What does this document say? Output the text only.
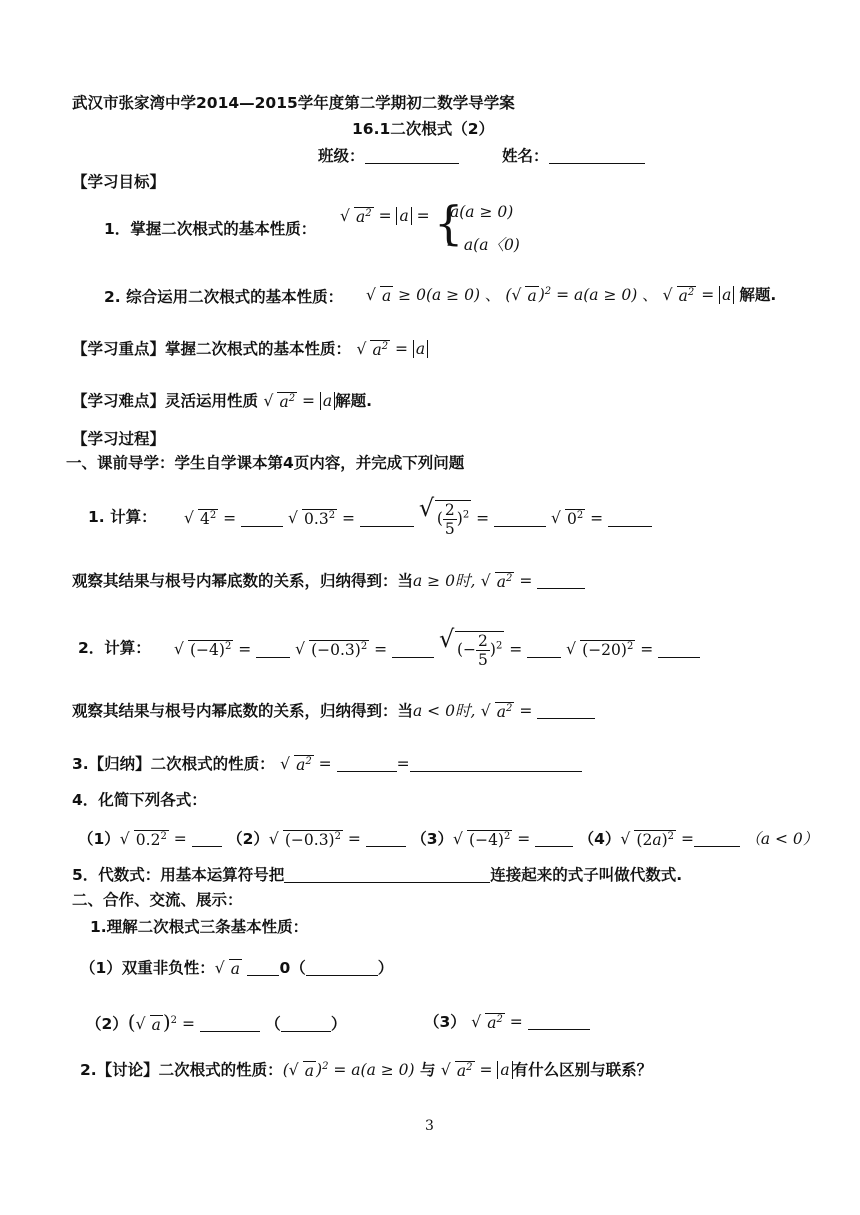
武汉市张家湾中学2014—2015学年度第二学期初二数学导学案
16.1二次根式（2）
班级：	姓名：
【学习目标】
1．掌握二次根式的基本性质：
√ $a^2 = a$ = {
a(a ≥ 0)
− a(a〈0)
2. 综合运用二次根式的基本性质： √ a ≥ 0(a ≥ 0) 、 ( √ a )$^2$ = a(a ≥ 0) 、 √ $a^2 = a$ 解题.
【学习重点】掌握二次根式的基本性质： √ $a^2 = a$
【学习难点】灵活运用性质 √ $a^2 = a$ 解题.
【学习过程】
一、课前导学：学生自学课本第4页内容，并完成下列问题
1. 计算： √ $4^2$ =	√ $0.3^2$ = √ ( $\frac{2}{5} )^2$ =	√ $0^2$ =
观察其结果与根号内幂底数的关系，归纳得到：当a ≥ 0时, √ $a^2$ =
2．计算： √ $(-4)^2$ =	√ $(-0.3)^2$ = √ (− $\frac{2}{5} )^2$ =	√ $(-20)^2$ =
观察其结果与根号内幂底数的关系，归纳得到：当a < 0时, √ $a^2$ =
3.【归纳】二次根式的性质： √ $a^2$ =	=
4．化简下列各式：
（1） √ $0.2^2 = (2)$ √ $(-0.3)^2$ =	（3） √ $(-4)^2$ =	（4） √ $(2a)^2$ =	（a < 0）
5．代数式：用基本运算符号把	连接起来的式子叫做代数式.
二、合作、交流、展示：
1.理解二次根式三条基本性质：
（1）双重非负性： √ a	0（	）
（2）( √ a )$^2$ =	（	）	（3） √ $a^2$ =
2.【讨论】二次根式的性质：( √ a )$^2$ = a(a ≥ 0) 与 √ $a^2 = a$ 有什么区别与联系？
3
